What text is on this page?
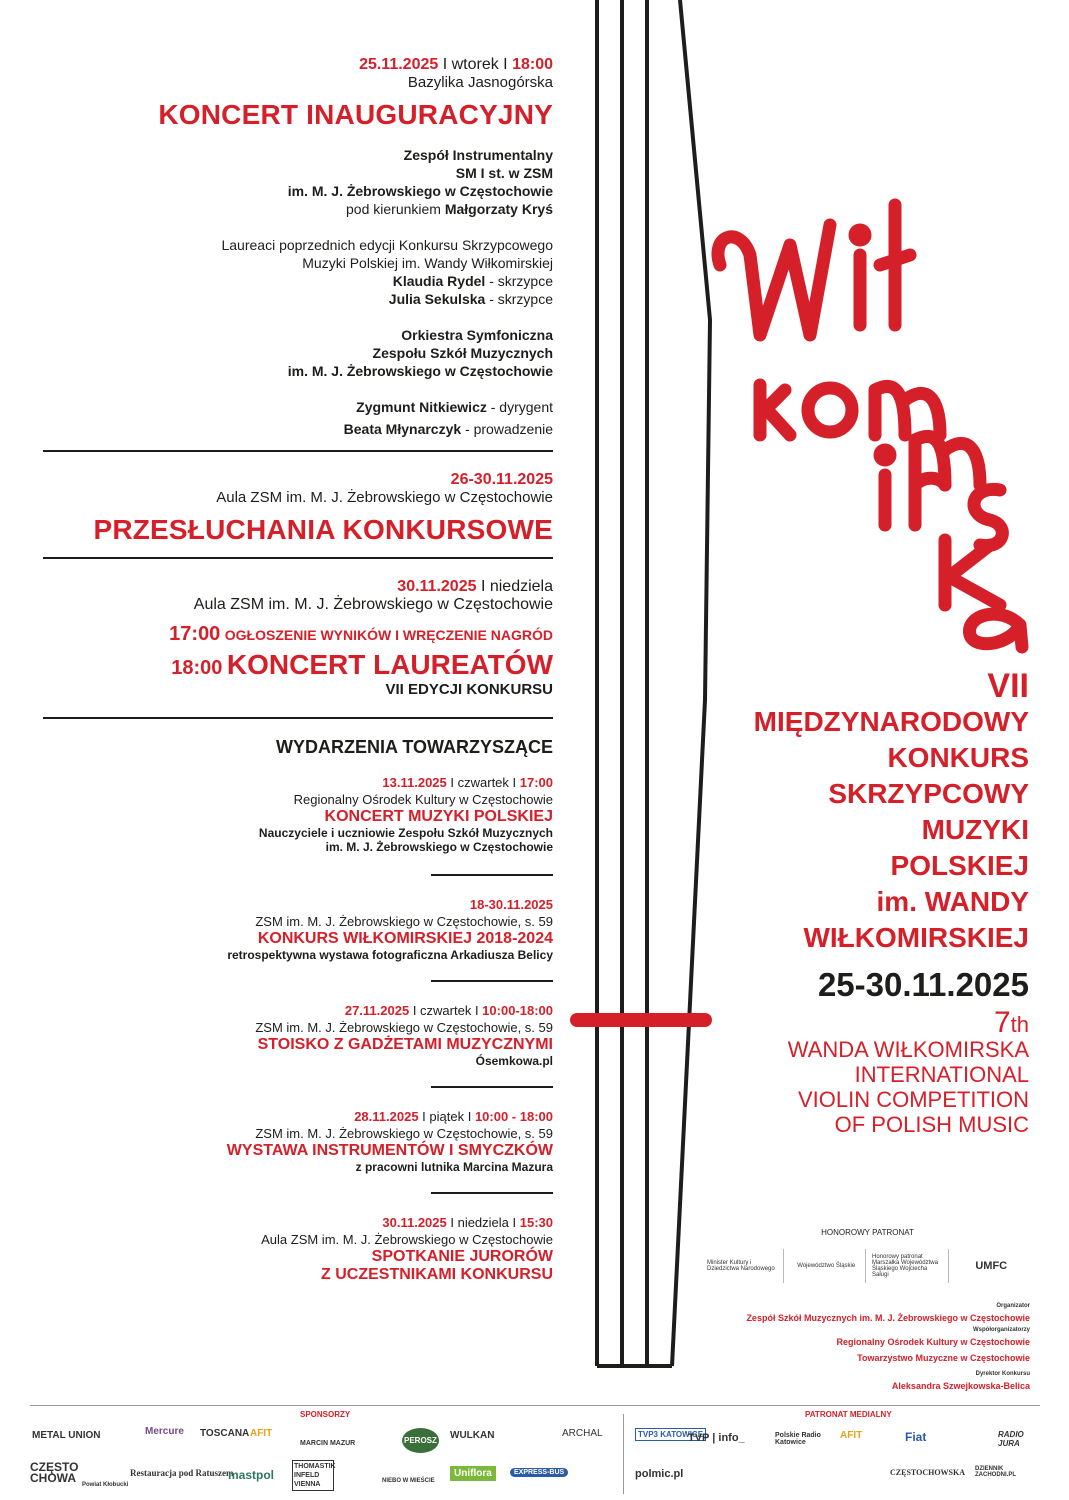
25.11.2025 I wtorek I 18:00
Bazylika Jasnogórska
KONCERT INAUGURACYJNY
Zespół Instrumentalny
SM I st. w ZSM
im. M. J. Żebrowskiego w Częstochowie
pod kierunkiem Małgorzaty Kryś
Laureaci poprzednich edycji Konkursu Skrzypcowego
Muzyki Polskiej im. Wandy Wiłkomirskiej
Klaudia Rydel - skrzypce
Julia Sekulska - skrzypce
Orkiestra Symfoniczna
Zespołu Szkół Muzycznych
im. M. J. Żebrowskiego w Częstochowie
Zygmunt Nitkiewicz - dyrygent
Beata Młynarczyk - prowadzenie
26-30.11.2025
Aula ZSM im. M. J. Żebrowskiego w Częstochowie
PRZESŁUCHANIA KONKURSOWE
30.11.2025 I niedziela
Aula ZSM im. M. J. Żebrowskiego w Częstochowie
17:00 OGŁOSZENIE WYNIKÓW I WRĘCZENIE NAGRÓD
18:00 KONCERT LAUREATÓW
VII EDYCJI KONKURSU
WYDARZENIA TOWARZYSZĄCE
13.11.2025 I czwartek I 17:00
Regionalny Ośrodek Kultury w Częstochowie
KONCERT MUZYKI POLSKIEJ
Nauczyciele i uczniowie Zespołu Szkół Muzycznych
im. M. J. Żebrowskiego w Częstochowie
18-30.11.2025
ZSM im. M. J. Żebrowskiego w Częstochowie, s. 59
KONKURS WIŁKOMIRSKIEJ 2018-2024
retrospektywna wystawa fotograficzna Arkadiusza Belicy
27.11.2025 I czwartek I 10:00-18:00
ZSM im. M. J. Żebrowskiego w Częstochowie, s. 59
STOISKO Z GADŻETAMI MUZYCZNYMI
Ósemkowa.pl
28.11.2025 I piątek I 10:00 - 18:00
ZSM im. M. J. Żebrowskiego w Częstochowie, s. 59
WYSTAWA INSTRUMENTÓW I SMYCZKÓW
z pracowni lutnika Marcina Mazura
30.11.2025 I niedziela I 15:30
Aula ZSM im. M. J. Żebrowskiego w Częstochowie
SPOTKANIE JURORÓW
Z UCZESTNIKAMI KONKURSU
VII
MIĘDZYNARODOWY
KONKURS
SKRZYPCOWY
MUZYKI
POLSKIEJ
im. WANDY
WIŁKOMIRSKIEJ
25-30.11.2025
7th
WANDA WIŁKOMIRSKA
INTERNATIONAL
VIOLIN COMPETITION
OF POLISH MUSIC
HONOROWY PATRONAT
Minister Kultury i Dziedzictwa Narodowego	Województwo Śląskie
Honorowy patronat Marszałka Województwa Śląskiego Wojciecha Saługi
UMFC
Organizator
Zespół Szkół Muzycznych im. M. J. Żebrowskiego w Częstochowie
Współorganizatorzy
Regionalny Ośrodek Kultury w Częstochowie
Towarzystwo Muzyczne w Częstochowie
Dyrektor Konkursu
Aleksandra Szwejkowska-Belica
SPONSORZY	PATRONAT MEDIALNY
METAL UNION	Mercure TOSCANA AFIT
MARCIN MAZUR	PEROSZ WULKAN	ARCHAL
CZĘSTO CHOWA	Powiat Kłobucki
Restauracja pod Ratuszem
mastpol
THOMASTIK INFELD VIENNA	NIEBO W MIEŚCIE
Uniflora	EXPRESS-BUS
TVP3 KATOWICE
TVP | info_	Polskie Radio Katowice
AFIT	Fiat	RADIO JURA
polmic.pl	CZĘSTOCHOWSKA DZIENNIK ZACHODNI.PL
